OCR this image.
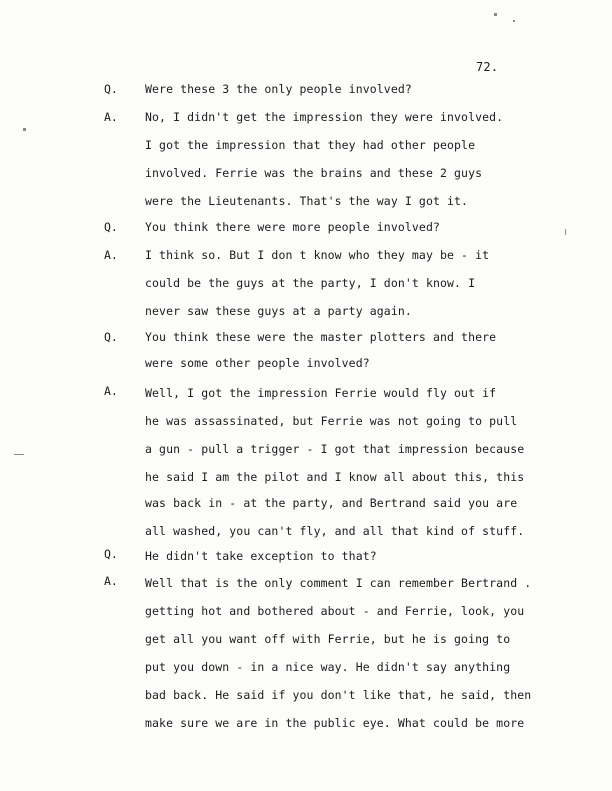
72.
Q. Were these 3 the only people involved?
A. No, I didn't get the impression they were involved.
I got the impression that they had other people
involved. Ferrie was the brains and these 2 guys
were the Lieutenants. That's the way I got it.
Q. You think there were more people involved?
A. I think so. But I don t know who they may be - it
could be the guys at the party, I don't know. I
never saw these guys at a party again.
Q. You think these were the master plotters and there
were some other people involved?
A. Well, I got the impression Ferrie would fly out if
he was assassinated, but Ferrie was not going to pull
a gun - pull a trigger - I got that impression because
he said I am the pilot and I know all about this, this
was back in - at the party, and Bertrand said you are
all washed, you can't fly, and all that kind of stuff.
Q. He didn't take exception to that?
A. Well that is the only comment I can remember Bertrand .
getting hot and bothered about - and Ferrie, look, you
get all you want off with Ferrie, but he is going to
put you down - in a nice way. He didn't say anything
bad back. He said if you don't like that, he said, then
make sure we are in the public eye. What could be more
